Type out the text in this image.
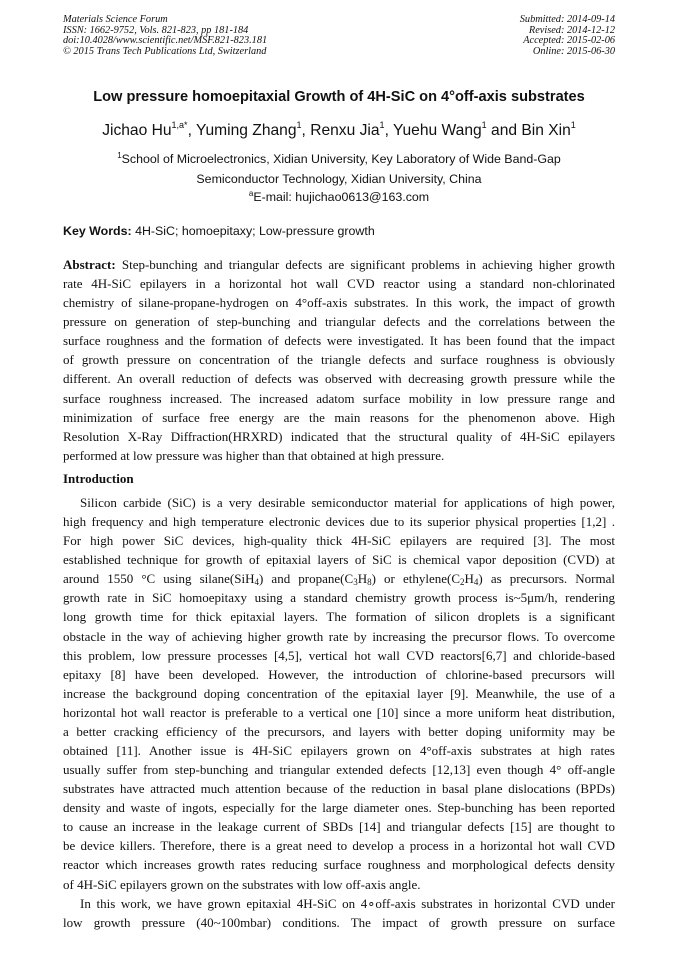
Materials Science Forum
ISSN: 1662-9752, Vols. 821-823, pp 181-184
doi:10.4028/www.scientific.net/MSF.821-823.181
© 2015 Trans Tech Publications Ltd, Switzerland
Submitted: 2014-09-14
Revised: 2014-12-12
Accepted: 2015-02-06
Online: 2015-06-30
Low pressure homoepitaxial Growth of 4H-SiC on 4°off-axis substrates
Jichao $Hu^{1,a*}$, Yuming Zhang$^1$, Renxu Jia$^1$, Yuehu Wang$^1$ and Bin Xin$^1$
$^1$School of Microelectronics, Xidian University, Key Laboratory of Wide Band-Gap
Semiconductor Technology, Xidian University, China
$^a$E-mail: hujichao0613@163.com
Key Words: 4H-SiC; homoepitaxy; Low-pressure growth
Abstract: Step-bunching and triangular defects are significant problems in achieving higher growth
rate 4H-SiC epilayers in a horizontal hot wall CVD reactor using a standard non-chlorinated
chemistry of silane-propane-hydrogen on 4°off-axis substrates. In this work, the impact of growth
pressure on generation of step-bunching and triangular defects and the correlations between the
surface roughness and the formation of defects were investigated. It has been found that the impact
of growth pressure on concentration of the triangle defects and surface roughness is obviously
different. An overall reduction of defects was observed with decreasing growth pressure while the
surface roughness increased. The increased adatom surface mobility in low pressure range and
minimization of surface free energy are the main reasons for the phenomenon above. High
Resolution X-Ray Diffraction(HRXRD) indicated that the structural quality of 4H-SiC epilayers
performed at low pressure was higher than that obtained at high pressure.
Introduction
Silicon carbide (SiC) is a very desirable semiconductor material for applications of high power,
high frequency and high temperature electronic devices due to its superior physical properties [1,2] .
For high power SiC devices, high-quality thick 4H-SiC epilayers are required [3]. The most
established technique for growth of epitaxial layers of SiC is chemical vapor deposition (CVD) at
around 1550 °C using silane(SiH$_4$) and $propane(C_3H_8)$ or $ethylene(C_2H_4)$ as precursors. Normal
growth rate in SiC homoepitaxy using a standard chemistry growth process is~5μm/h, rendering
long growth time for thick epitaxial layers. The formation of silicon droplets is a significant
obstacle in the way of achieving higher growth rate by increasing the precursor flows. To overcome
this problem, low pressure processes [4,5], vertical hot wall CVD reactors[6,7] and chloride-based
epitaxy [8] have been developed. However, the introduction of chlorine-based precursors will
increase the background doping concentration of the epitaxial layer [9]. Meanwhile, the use of a
horizontal hot wall reactor is preferable to a vertical one [10] since a more uniform heat distribution,
a better cracking efficiency of the precursors, and layers with better doping uniformity may be
obtained [11]. Another issue is 4H-SiC epilayers grown on 4°off-axis substrates at high rates
usually suffer from step-bunching and triangular extended defects [12,13] even though 4° off-angle
substrates have attracted much attention because of the reduction in basal plane dislocations (BPDs)
density and waste of ingots, especially for the large diameter ones. Step-bunching has been reported
to cause an increase in the leakage current of SBDs [14] and triangular defects [15] are thought to
be device killers. Therefore, there is a great need to develop a process in a horizontal hot wall CVD
reactor which increases growth rates reducing surface roughness and morphological defects density
of 4H-SiC epilayers grown on the substrates with low off-axis angle.
In this work, we have grown epitaxial 4H-SiC on 4∘off-axis substrates in horizontal CVD under
low growth pressure (40~100mbar) conditions. The impact of growth pressure on surface
